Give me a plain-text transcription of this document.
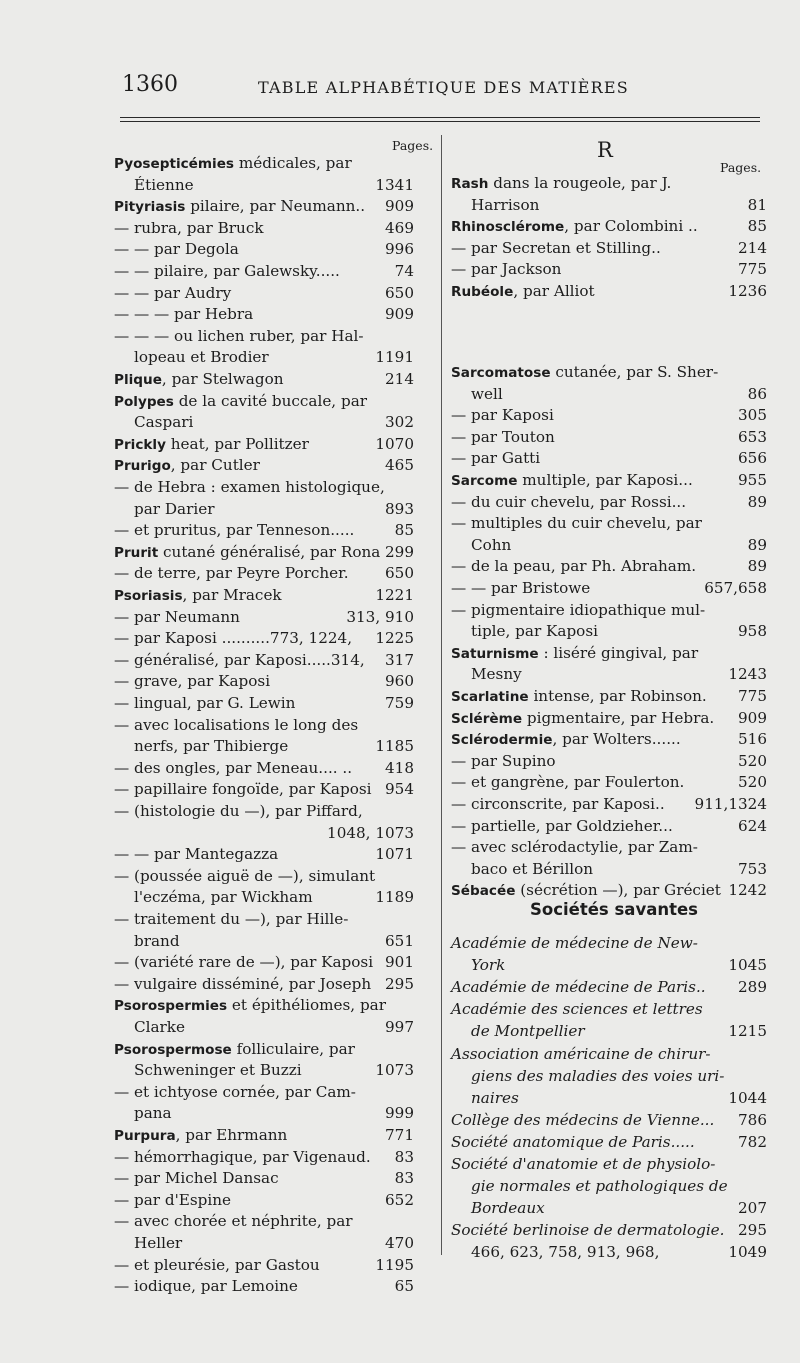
1360	TABLE ALPHABÉTIQUE DES MATIÈRES
Pages.	R
Pages.
Sociétés savantes
Pyosepticémies médicales, par
Étienne	1341
Pityriasis pilaire, par Neumann.. 909
— rubra, par Bruck	469
— — par Degola	996
— — pilaire, par Galewsky.....	74
— — par Audry	650
— — — par Hebra	909
— — — ou lichen ruber, par Hal-
lopeau et Brodier	1191
Plique, par Stelwagon	214
Polypes de la cavité buccale, par
Caspari	302
Prickly heat, par Pollitzer	1070
Prurigo, par Cutler	465
— de Hebra : examen histologique,
par Darier	893
— et pruritus, par Tenneson.....	85
Prurit cutané généralisé, par Rona 299
— de terre, par Peyre Porcher. 650
Psoriasis, par Mracek	1221
— par Neumann	313, 910
— par Kaposi ..........773, 1224, 1225
— généralisé, par Kaposi.....314, 317
— grave, par Kaposi	960
— lingual, par G. Lewin	759
— avec localisations le long des
nerfs, par Thibierge	1185
— des ongles, par Meneau.... .. 418
— papillaire fongoïde, par Kaposi 954
— (histologie du —), par Piffard,
1048, 1073
— — par Mantegazza	1071
— (poussée aiguë de —), simulant
l'eczéma, par Wickham	1189
— traitement du —), par Hille-
brand	651
— (variété rare de —), par Kaposi 901
— vulgaire disséminé, par Joseph 295
Psorospermies et épithéliomes, par
Clarke	997
Psorospermose folliculaire, par
Schweninger et Buzzi	1073
— et ichtyose cornée, par Cam-
pana	999
Purpura, par Ehrmann	771
— hémorrhagique, par Vigenaud. 83
— par Michel Dansac	83
— par d'Espine	652
— avec chorée et néphrite, par
Heller	470
— et pleurésie, par Gastou	1195
— iodique, par Lemoine	65
Rash dans la rougeole, par J.
Harrison	81
Rhinosclérome, par Colombini ..	85
— par Secretan et Stilling..	214
— par Jackson	775
Rubéole, par Alliot	1236
Sarcomatose cutanée, par S. Sher-
well	86
— par Kaposi	305
— par Touton	653
— par Gatti	656
Sarcome multiple, par Kaposi...	955
— du cuir chevelu, par Rossi...	89
— multiples du cuir chevelu, par
Cohn	89
— de la peau, par Ph. Abraham.	89
— — par Bristowe	657,658
— pigmentaire idiopathique mul-
tiple, par Kaposi	958
Saturnisme : liséré gingival, par
Mesny	1243
Scarlatine intense, par Robinson. 775
Sclérème pigmentaire, par Hebra. 909
Sclérodermie, par Wolters......	516
— par Supino	520
— et gangrène, par Foulerton.	520
— circonscrite, par Kaposi.. 911,1324
— partielle, par Goldzieher...	624
— avec sclérodactylie, par Zam-
baco et Bérillon	753
Sébacée (sécrétion —), par Gréciet 1242
Académie de médecine de New-
York	1045
Académie de médecine de Paris.. 289
Académie des sciences et lettres
de Montpellier	1215
Association américaine de chirur-
giens des maladies des voies uri-
naires	1044
Collège des médecins de Vienne... 786
Société anatomique de Paris.....	782
Société d'anatomie et de physiolo-
gie normales et pathologiques de
Bordeaux	207
Société berlinoise de dermatologie. 295
466, 623, 758, 913, 968,	1049
